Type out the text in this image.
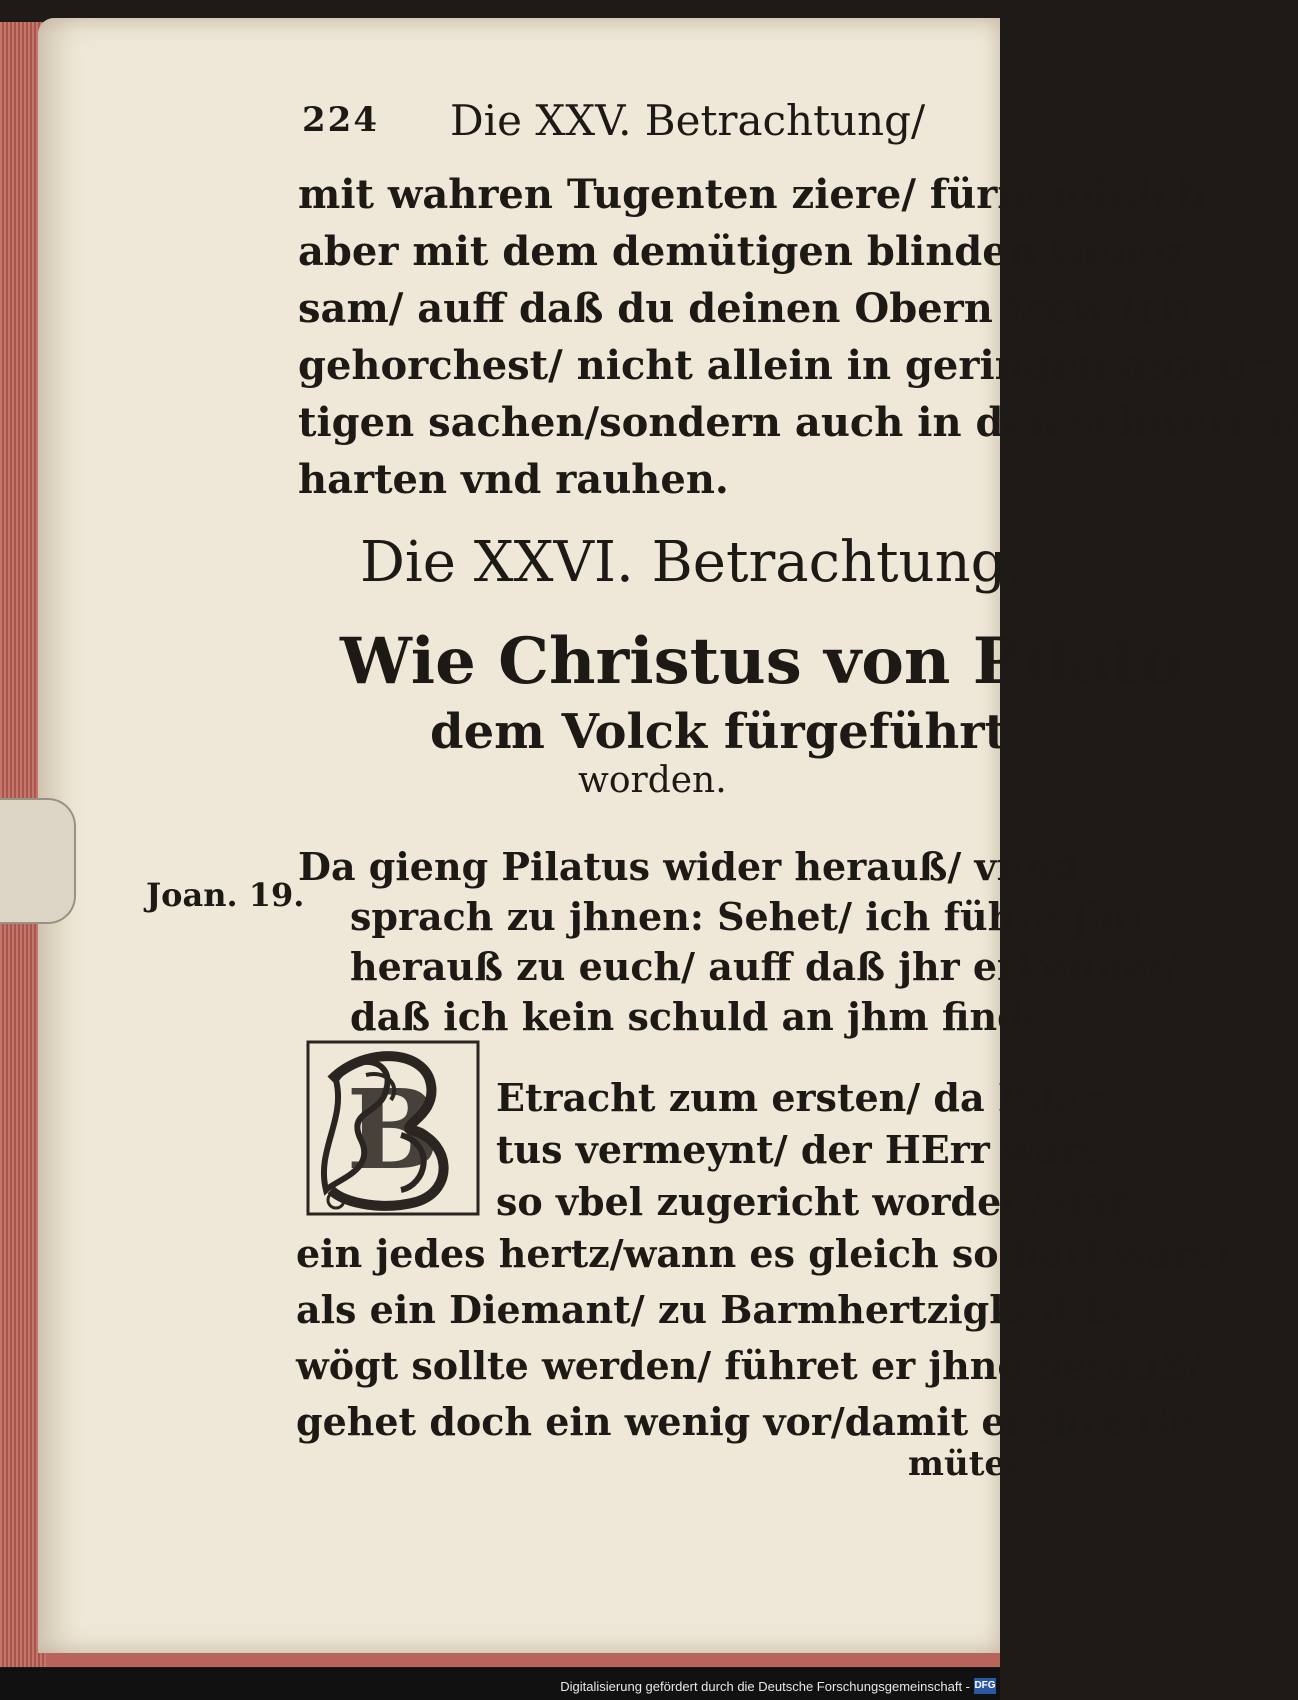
224 Die XXV. Betrachtung/
mit wahren Tugenten ziere/ fürnemblich
aber mit dem demütigen blinden Gehor=
sam/ auff daß du deinen Obern trewlich
gehorchest/ nicht allein in geringen anmü=
tigen sachen/sondern auch in den schweren/
harten vnd rauhen.
Die XXVI. Betrachtung.
Wie Christus von Pilato
dem Volck fürgeführt
worden.
Joan. 19.
Da gieng Pilatus wider herauß/ vnnd
sprach zu jhnen: Sehet/ ich führe jhn
herauß zu euch/ auff daß jhr erkennet/
daß ich kein schuld an jhm finde.
B Etracht zum ersten/ da Pila=
tus vermeynt/ der HErr wäre
so vbel zugericht worden/ daß
ein jedes hertz/wann es gleich so hart wäre/
als ein Diemant/ zu Barmhertzigkeit be=
wögt sollte werden/ führet er jhne herauß/
gehet doch ein wenig vor/damit er jhre Ge=
müter
Digitalisierung gefördert durch die Deutsche Forschungsgemeinschaft - DFG
